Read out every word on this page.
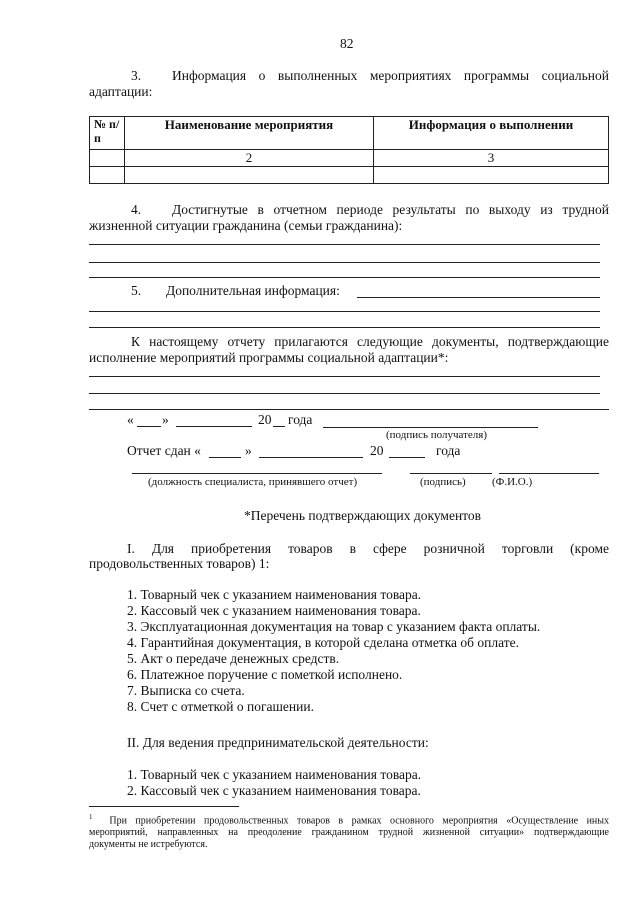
82
3. Информация о выполненных мероприятиях программы социальной
адаптации:
№ п/п	Наименование мероприятия	Информация о выполнении
	2	3

4. Достигнутые в отчетном периоде результаты по выходу из трудной
жизненной ситуации гражданина (семьи гражданина):
5. Дополнительная информация:
К настоящему отчету прилагаются следующие документы, подтверждающие
исполнение мероприятий программы социальной адаптации*:
« »	20 года
(подпись получателя)
Отчет сдан «	»	20	года
(должность специалиста, принявшего отчет)	(подпись) (Ф.И.О.)
*Перечень подтверждающих документов
I. Для приобретения товаров в сфере розничной торговли (кроме
продовольственных товаров) 1:
1. Товарный чек с указанием наименования товара.
2. Кассовый чек с указанием наименования товара.
3. Эксплуатационная документация на товар с указанием факта оплаты.
4. Гарантийная документация, в которой сделана отметка об оплате.
5. Акт о передаче денежных средств.
6. Платежное поручение с пометкой исполнено.
7. Выписка со счета.
8. Счет с отметкой о погашении.
II. Для ведения предпринимательской деятельности:
1. Товарный чек с указанием наименования товара.
2. Кассовый чек с указанием наименования товара.
$^1$ При приобретении продовольственных товаров в рамках основного мероприятия «Осуществление иных
мероприятий, направленных на преодоление гражданином трудной жизненной ситуации» подтверждающие
документы не истребуются.
